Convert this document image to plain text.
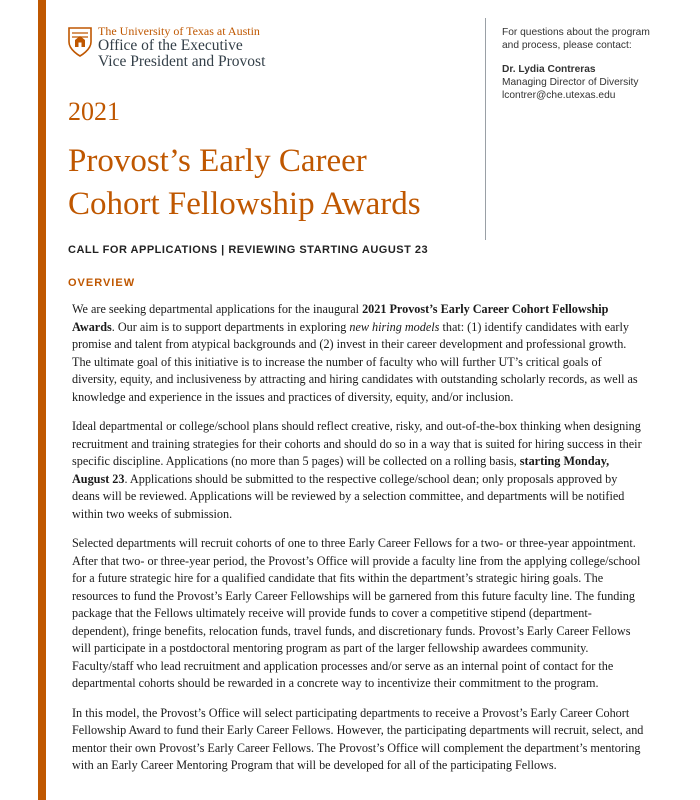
The University of Texas at Austin
Office of the Executive
Vice President and Provost
For questions about the program
and process, please contact:
Dr. Lydia Contreras
Managing Director of Diversity
lcontrer@che.utexas.edu
2021
Provost’s Early Career
Cohort Fellowship Awards
CALL FOR APPLICATIONS | REVIEWING STARTING AUGUST 23
OVERVIEW

We are seeking departmental applications for the inaugural 2021 Provost’s Early Career Cohort Fellowship Awards. Our aim is to support departments in exploring new hiring models that: (1) identify candidates with early promise and talent from atypical backgrounds and (2) invest in their career development and professional growth. The ultimate goal of this initiative is to increase the number of faculty who will further UT’s critical goals of diversity, equity, and inclusiveness by attracting and hiring candidates with outstanding scholarly records, as well as knowledge and experience in the issues and practices of diversity, equity, and/or inclusion.

Ideal departmental or college/school plans should reflect creative, risky, and out-of-the-box thinking when designing recruitment and training strategies for their cohorts and should do so in a way that is suited for hiring success in their specific discipline. Applications (no more than 5 pages) will be collected on a rolling basis, starting Monday, August 23. Applications should be submitted to the respective college/school dean; only proposals approved by deans will be reviewed. Applications will be reviewed by a selection committee, and departments will be notified within two weeks of submission.

Selected departments will recruit cohorts of one to three Early Career Fellows for a two- or three-year appointment. After that two- or three-year period, the Provost’s Office will provide a faculty line from the applying college/school for a future strategic hire for a qualified candidate that fits within the department’s strategic hiring goals. The resources to fund the Provost’s Early Career Fellowships will be garnered from this future faculty line. The funding package that the Fellows ultimately receive will provide funds to cover a competitive stipend (department-dependent), fringe benefits, relocation funds, travel funds, and discretionary funds. Provost’s Early Career Fellows will participate in a postdoctoral mentoring program as part of the larger fellowship awardees community. Faculty/staff who lead recruitment and application processes and/or serve as an internal point of contact for the departmental cohorts should be rewarded in a concrete way to incentivize their commitment to the program.

In this model, the Provost’s Office will select participating departments to receive a Provost’s Early Career Cohort Fellowship Award to fund their Early Career Fellows. However, the participating departments will recruit, select, and mentor their own Provost’s Early Career Fellows. The Provost’s Office will complement the department’s mentoring with an Early Career Mentoring Program that will be developed for all of the participating Fellows.
